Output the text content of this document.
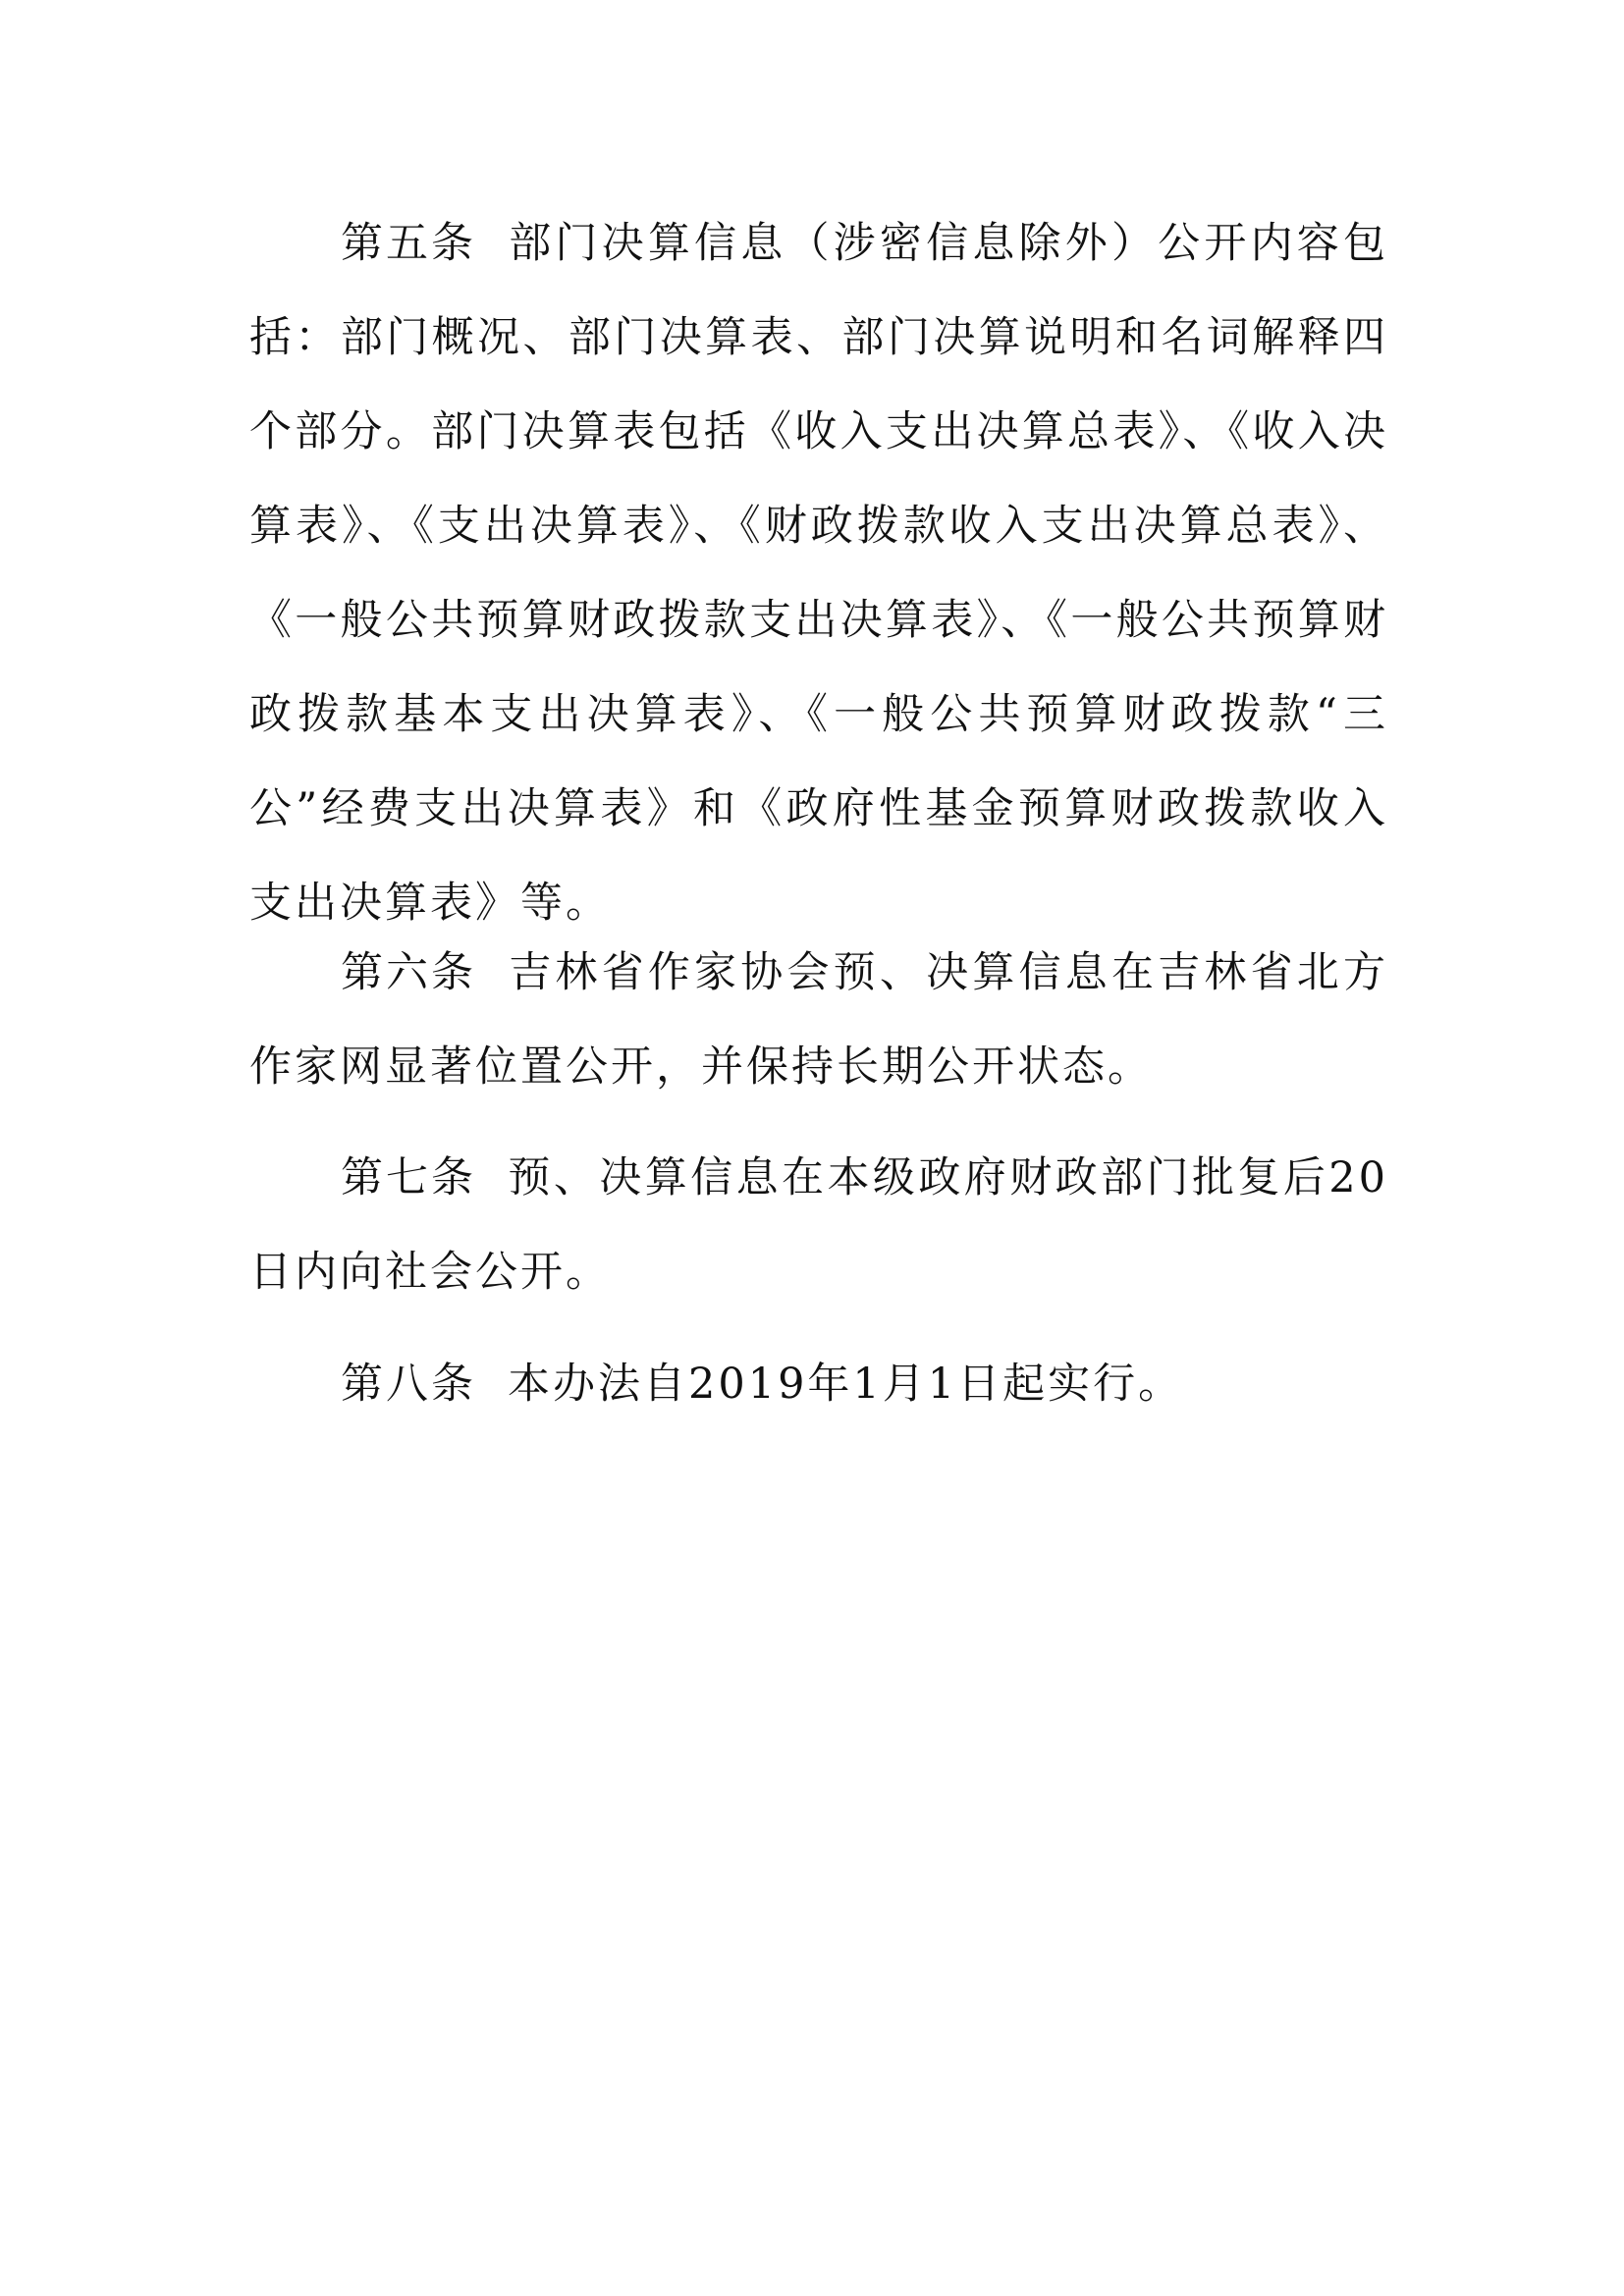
第五条 部门决算信息（涉密信息除外）公开内容包括：部门概况、部门决算表、部门决算说明和名词解释四个部分。部门决算表包括《收入支出决算总表》、《收入决算表》、《支出决算表》、《财政拨款收入支出决算总表》、《一般公共预算财政拨款支出决算表》、《一般公共预算财政拨款基本支出决算表》、《一般公共预算财政拨款“三公”经费支出决算表》和《政府性基金预算财政拨款收入支出决算表》等。

第六条 吉林省作家协会预、决算信息在吉林省北方作家网显著位置公开，并保持长期公开状态。

第七条 预、决算信息在本级政府财政部门批复后20日内向社会公开。

第八条 本办法自2019年1月1日起实行。
